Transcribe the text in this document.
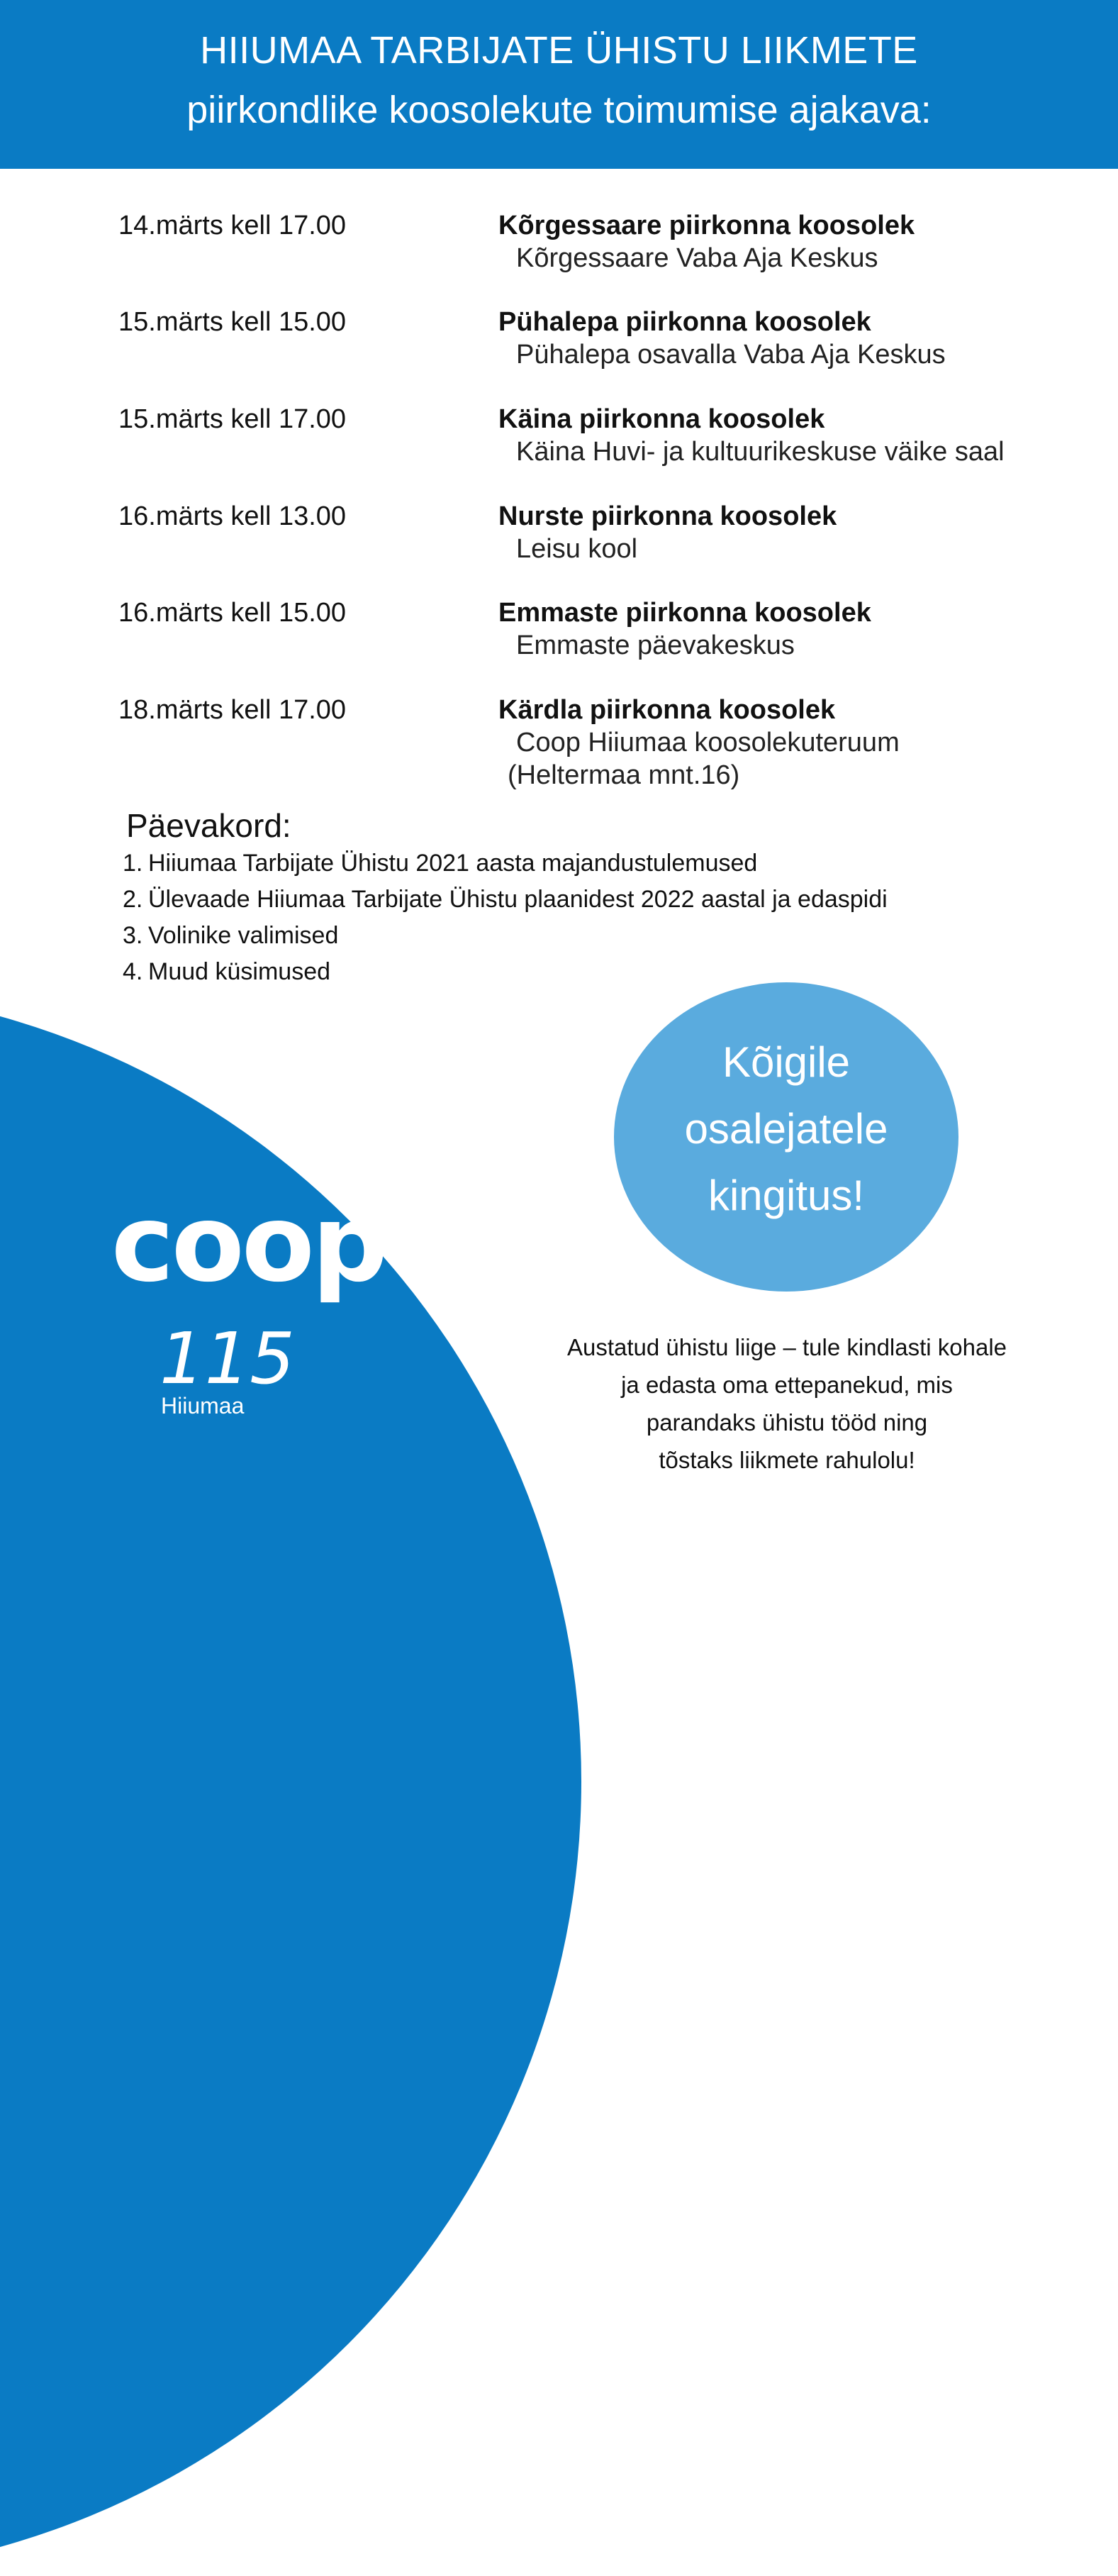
HIIUMAA TARBIJATE ÜHISTU LIIKMETE
piirkondlike koosolekute toimumise ajakava:
14.märts kell 17.00	Kõrgessaare piirkonna koosolek
Kõrgessaare Vaba Aja Keskus
15.märts kell 15.00	Pühalepa piirkonna koosolek
Pühalepa osavalla Vaba Aja Keskus
15.märts kell 17.00	Käina piirkonna koosolek
Käina Huvi- ja kultuurikeskuse väike saal
16.märts kell 13.00	Nurste piirkonna koosolek
Leisu kool
16.märts kell 15.00	Emmaste piirkonna koosolek
Emmaste päevakeskus
18.märts kell 17.00	Kärdla piirkonna koosolek
Coop Hiiumaa koosolekuteruum
(Heltermaa mnt.16)
Päevakord:
1. Hiiumaa Tarbijate Ühistu 2021 aasta majandustulemused
2. Ülevaade Hiiumaa Tarbijate Ühistu plaanidest 2022 aastal ja edaspidi
3. Volinike valimised
4. Muud küsimused
coop
115
Hiiumaa
Kõigile
osalejatele
kingitus!
Austatud ühistu liige – tule kindlasti kohale
ja edasta oma ettepanekud, mis
parandaks ühistu tööd ning
tõstaks liikmete rahulolu!
